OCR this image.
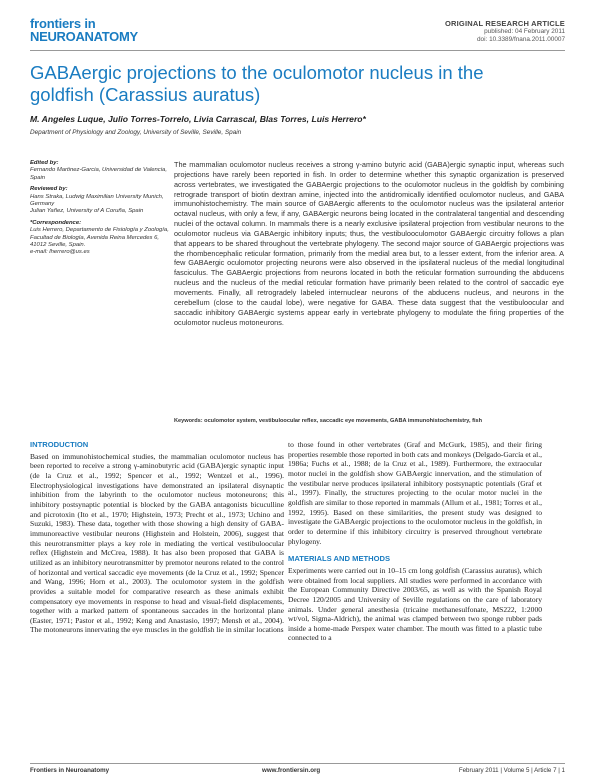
frontiers in
NEUROANATOMY
ORIGINAL RESEARCH ARTICLE
published: 04 February 2011
doi: 10.3389/fnana.2011.00007
GABAergic projections to the oculomotor nucleus in the goldfish (Carassius auratus)
M. Angeles Luque, Julio Torres-Torrelo, Livia Carrascal, Blas Torres, Luis Herrero*
Department of Physiology and Zoology, University of Seville, Seville, Spain
Edited by:
Fernando Martinez-Garcia, Universidad de Valencia, Spain
Reviewed by:
Hans Straka, Ludwig Maximilian University Munich, Germany
Julian Yañez, University of A Coruña, Spain
*Correspondence:
Luis Herrero, Departamento de Fisiología y Zoología, Facultad de Biología, Avenida Reina Mercedes 6, 41012 Seville, Spain.
e-mail: lherrero@us.es
The mammalian oculomotor nucleus receives a strong γ-amino butyric acid (GABA)ergic synaptic input, whereas such projections have rarely been reported in fish. In order to determine whether this synaptic organization is preserved across vertebrates, we investigated the GABAergic projections to the oculomotor nucleus in the goldfish by combining retrograde transport of biotin dextran amine, injected into the antidromically identified oculomotor nucleus, and GABA immunohistochemistry. The main source of GABAergic afferents to the oculomotor nucleus was the ipsilateral anterior octaval nucleus, with only a few, if any, GABAergic neurons being located in the contralateral tangential and descending nuclei of the octaval column. In mammals there is a nearly exclusive ipsilateral projection from vestibular neurons to the oculomotor nucleus via GABAergic inhibitory inputs; thus, the vestibulooculomotor GABAergic circuitry follows a plan that appears to be shared throughout the vertebrate phylogeny. The second major source of GABAergic projections was the rhombencephalic reticular formation, primarily from the medial area but, to a lesser extent, from the inferior area. A few GABAergic oculomotor projecting neurons were also observed in the ipsilateral nucleus of the medial longitudinal fasciculus. The GABAergic projections from neurons located in both the reticular formation surrounding the abducens nucleus and the nucleus of the medial reticular formation have primarily been related to the control of saccadic eye movements. Finally, all retrogradely labeled internuclear neurons of the abducens nucleus, and neurons in the cerebellum (close to the caudal lobe), were negative for GABA. These data suggest that the vestibuloocular and saccadic inhibitory GABAergic systems appear early in vertebrate phylogeny to modulate the firing properties of the oculomotor nucleus motoneurons.
Keywords: oculomotor system, vestibuloocular reflex, saccadic eye movements, GABA immunohistochemistry, fish
INTRODUCTION
Based on immunohistochemical studies, the mammalian oculomotor nucleus has been reported to receive a strong γ-aminobutyric acid (GABA)ergic synaptic input (de la Cruz et al., 1992; Spencer et al., 1992; Wentzel et al., 1996). Electrophysiological investigations have demonstrated an ipsilateral disynaptic inhibition from the labyrinth to the oculomotor nucleus motoneurons; this inhibitory postsynaptic potential is blocked by the GABA antagonists bicuculline and picrotoxin (Ito et al., 1970; Highstein, 1973; Precht et al., 1973; Uchino and Suzuki, 1983). These data, together with those showing a high density of GABA-immunoreactive vestibular neurons (Highstein and Holstein, 2006), suggest that this neurotransmitter plays a key role in mediating the vertical vestibuloocular reflex (Highstein and McCrea, 1988). It has also been proposed that GABA is utilized as an inhibitory neurotransmitter by premotor neurons related to the control of horizontal and vertical saccadic eye movements (de la Cruz et al., 1992; Spencer and Wang, 1996; Horn et al., 2003). The oculomotor system in the goldfish provides a suitable model for comparative research as these animals exhibit compensatory eye movements in response to head and visual-field displacements, together with a marked pattern of spontaneous saccades in the horizontal plane (Easter, 1971; Pastor et al., 1992; Keng and Anastasio, 1997; Mensh et al., 2004). The motoneurons innervating the eye muscles in the goldfish lie in similar locations
to those found in other vertebrates (Graf and McGurk, 1985), and their firing properties resemble those reported in both cats and monkeys (Delgado-García et al., 1986a; Fuchs et al., 1988; de la Cruz et al., 1989). Furthermore, the extraocular motor nuclei in the goldfish show GABAergic innervation, and the stimulation of the vestibular nerve produces ipsilateral inhibitory postsynaptic potentials (Graf et al., 1997). Finally, the structures projecting to the ocular motor nuclei in the goldfish are similar to those reported in mammals (Allum et al., 1981; Torres et al., 1992, 1995). Based on these similarities, the present study was designed to investigate the GABAergic projections to the oculomotor nucleus in the goldfish, in order to determine if this inhibitory circuitry is preserved throughout vertebrate phylogeny.
MATERIALS AND METHODS
Experiments were carried out in 10–15 cm long goldfish (Carassius auratus), which were obtained from local suppliers. All studies were performed in accordance with the European Community Directive 2003/65, as well as with the Spanish Royal Decree 120/2005 and University of Seville regulations on the care of laboratory animals. Under general anesthesia (tricaine methanesulfonate, MS222, 1:2000 wt/vol, Sigma-Aldrich), the animal was clamped between two sponge rubber pads inside a home-made Perspex water chamber. The mouth was fitted to a plastic tube connected to a
Frontiers in Neuroanatomy	www.frontiersin.org	February 2011 | Volume 5 | Article 7 | 1
